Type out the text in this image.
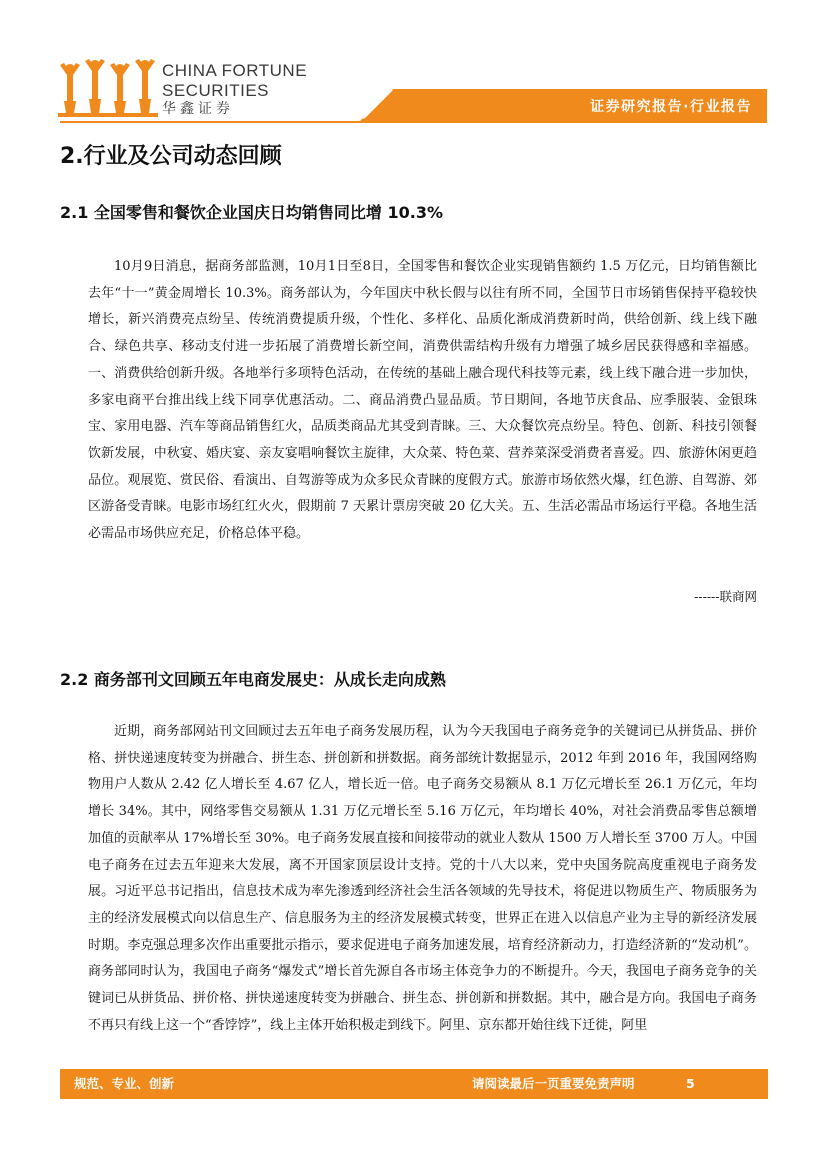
CHINA FORTUNE
SECURITIES
华鑫证券	证券研究报告·行业报告
2.行业及公司动态回顾
2.1 全国零售和餐饮企业国庆日均销售同比增 10.3%

10月9日消息，据商务部监测，10月1日至8日，全国零售和餐饮企业实现销售额约 1.5 万亿元，日均销售额比去年“十一”黄金周增长 10.3%。商务部认为，今年国庆中秋长假与以往有所不同，全国节日市场销售保持平稳较快增长，新兴消费亮点纷呈、传统消费提质升级，个性化、多样化、品质化渐成消费新时尚，供给创新、线上线下融合、绿色共享、移动支付进一步拓展了消费增长新空间，消费供需结构升级有力增强了城乡居民获得感和幸福感。一、消费供给创新升级。各地举行多项特色活动，在传统的基础上融合现代科技等元素，线上线下融合进一步加快，多家电商平台推出线上线下同享优惠活动。二、商品消费凸显品质。节日期间，各地节庆食品、应季服装、金银珠宝、家用电器、汽车等商品销售红火，品质类商品尤其受到青睐。三、大众餐饮亮点纷呈。特色、创新、科技引领餐饮新发展，中秋宴、婚庆宴、亲友宴唱响餐饮主旋律，大众菜、特色菜、营养菜深受消费者喜爱。四、旅游休闲更趋品位。观展览、赏民俗、看演出、自驾游等成为众多民众青睐的度假方式。旅游市场依然火爆，红色游、自驾游、郊区游备受青睐。电影市场红红火火，假期前 7 天累计票房突破 20 亿大关。五、生活必需品市场运行平稳。各地生活必需品市场供应充足，价格总体平稳。

------联商网
2.2 商务部刊文回顾五年电商发展史：从成长走向成熟

近期，商务部网站刊文回顾过去五年电子商务发展历程，认为今天我国电子商务竞争的关键词已从拼货品、拼价格、拼快递速度转变为拼融合、拼生态、拼创新和拼数据。商务部统计数据显示，2012 年到 2016 年，我国网络购物用户人数从 2.42 亿人增长至 4.67 亿人，增长近一倍。电子商务交易额从 8.1 万亿元增长至 26.1 万亿元，年均增长 34%。其中，网络零售交易额从 1.31 万亿元增长至 5.16 万亿元，年均增长 40%，对社会消费品零售总额增加值的贡献率从 17%增长至 30%。电子商务发展直接和间接带动的就业人数从 1500 万人增长至 3700 万人。中国电子商务在过去五年迎来大发展，离不开国家顶层设计支持。党的十八大以来，党中央国务院高度重视电子商务发展。习近平总书记指出，信息技术成为率先渗透到经济社会生活各领域的先导技术，将促进以物质生产、物质服务为主的经济发展模式向以信息生产、信息服务为主的经济发展模式转变，世界正在进入以信息产业为主导的新经济发展时期。李克强总理多次作出重要批示指示，要求促进电子商务加速发展，培育经济新动力，打造经济新的“发动机”。商务部同时认为，我国电子商务“爆发式”增长首先源自各市场主体竞争力的不断提升。今天，我国电子商务竞争的关键词已从拼货品、拼价格、拼快递速度转变为拼融合、拼生态、拼创新和拼数据。其中，融合是方向。我国电子商务不再只有线上这一个“香饽饽”，线上主体开始积极走到线下。阿里、京东都开始往线下迁徙，阿里

规范、专业、创新	请阅读最后一页重要免责声明	5
